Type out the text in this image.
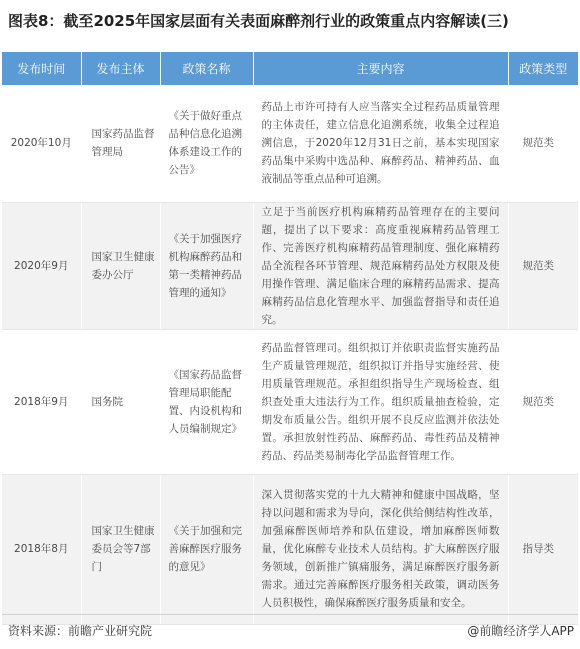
图表8：截至2025年国家层面有关表面麻醉剂行业的政策重点内容解读(三)
发布时间	发布主体	政策名称	主要内容	政策类型
2020年10月	国家药品监督管理局	《关于做好重点品种信息化追溯体系建设工作的公告》	药品上市许可持有人应当落实全过程药品质量管理的主体责任，建立信息化追溯系统，收集全过程追溯信息，于2020年12月31日之前，基本实现国家药品集中采购中选品种、麻醉药品、精神药品、血液制品等重点品种可追溯。	规范类
2020年9月	国家卫生健康委办公厅	《关于加强医疗机构麻醉药品和第一类精神药品管理的通知》	立足于当前医疗机构麻精药品管理存在的主要问题，提出了以下要求：高度重视麻精药品管理工作、完善医疗机构麻精药品管理制度、强化麻精药品全流程各环节管理、规范麻精药品处方权限及使用操作管理、满足临床合理的麻精药品需求、提高麻精药品信息化管理水平、加强监督指导和责任追究。	规范类
2018年9月	国务院	《国家药品监督管理局职能配置、内设机构和人员编制规定》	药品监督管理司。组织拟订并依职责监督实施药品生产质量管理规范，组织拟订并指导实施经营、使用质量管理规范。承担组织指导生产现场检查、组织查处重大违法行为工作。组织质量抽查检验，定期发布质量公告。组织开展不良反应监测并依法处置。承担放射性药品、麻醉药品、毒性药品及精神药品、药品类易制毒化学品监督管理工作。	规范类
2018年8月	国家卫生健康委员会等7部门	《关于加强和完善麻醉医疗服务的意见》	深入贯彻落实党的十九大精神和健康中国战略，坚持以问题和需求为导向，深化供给侧结构性改革，加强麻醉医师培养和队伍建设，增加麻醉医师数量，优化麻醉专业技术人员结构。扩大麻醉医疗服务领域，创新推广镇痛服务，满足麻醉医疗服务新需求。通过完善麻醉医疗服务相关政策，调动医务人员积极性，确保麻醉医疗服务质量和安全。	指导类
资料来源：前瞻产业研究院	@前瞻经济学人APP
